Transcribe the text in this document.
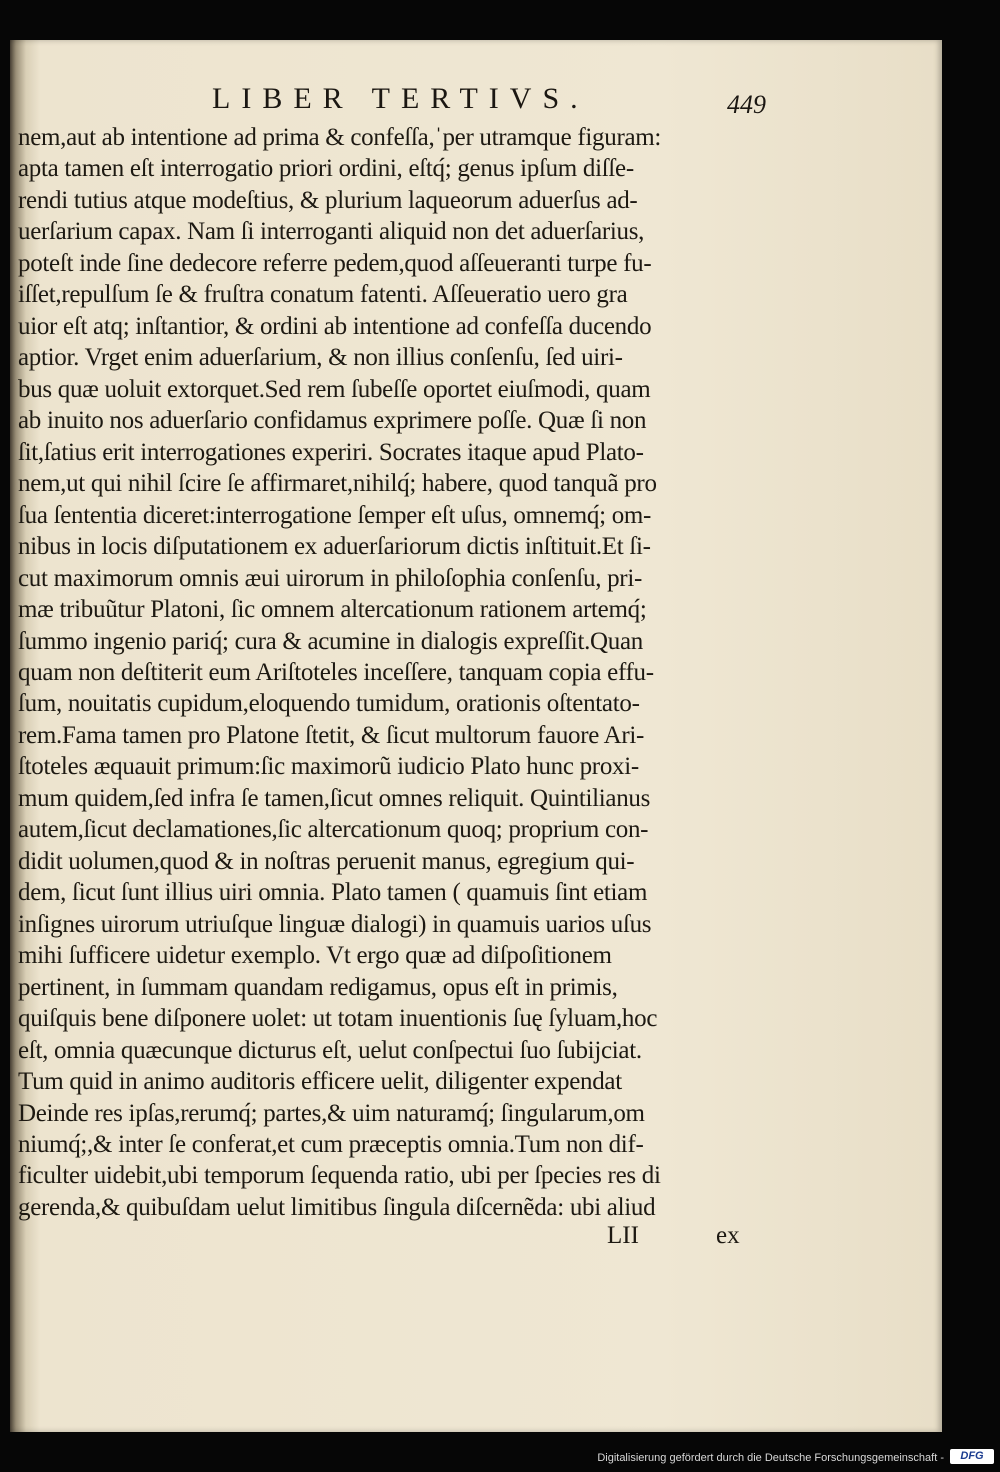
LIBER TERTIVS.	449
nem,aut ab intentione ad prima & confeſſa,ˈper utramque figuram:
apta tamen eſt interrogatio priori ordini, eſtq́; genus ipſum diſſe-
rendi tutius atque modeſtius, & plurium laqueorum aduerſus ad-
uerſarium capax. Nam ſi interroganti aliquid non det aduerſarius,
poteſt inde ſine dedecore referre pedem,quod aſſeueranti turpe fu-
iſſet,repulſum ſe & fruſtra conatum fatenti. Aſſeueratio uero gra
uior eſt atq; inſtantior, & ordini ab intentione ad confeſſa ducendo
aptior. Vrget enim aduerſarium, & non illius conſenſu, ſed uiri-
bus quæ uoluit extorquet.Sed rem ſubeſſe oportet eiuſmodi, quam
ab inuito nos aduerſario confidamus exprimere poſſe. Quæ ſi non
ſit,ſatius erit interrogationes experiri. Socrates itaque apud Plato-
nem,ut qui nihil ſcire ſe affirmaret,nihilq́; habere, quod tanquã pro
ſua ſententia diceret:interrogatione ſemper eſt uſus, omnemq́; om-
nibus in locis diſputationem ex aduerſariorum dictis inſtituit.Et ſi-
cut maximorum omnis æui uirorum in philoſophia conſenſu, pri-
mæ tribuũtur Platoni, ſic omnem altercationum rationem artemq́;
ſummo ingenio pariq́; cura & acumine in dialogis expreſſit.Quan
quam non deſtiterit eum Ariſtoteles inceſſere, tanquam copia effu-
ſum, nouitatis cupidum,eloquendo tumidum, orationis oſtentato-
rem.Fama tamen pro Platone ſtetit, & ſicut multorum fauore Ari-
ſtoteles æquauit primum:ſic maximorũ iudicio Plato hunc proxi-
mum quidem,ſed infra ſe tamen,ſicut omnes reliquit. Quintilianus
autem,ſicut declamationes,ſic altercationum quoq; proprium con-
didit uolumen,quod & in noſtras peruenit manus, egregium qui-
dem, ſicut ſunt illius uiri omnia. Plato tamen ( quamuis ſint etiam
inſignes uirorum utriuſque linguæ dialogi) in quamuis uarios uſus
mihi ſufficere uidetur exemplo. Vt ergo quæ ad diſpoſitionem
pertinent, in ſummam quandam redigamus, opus eſt in primis,
quiſquis bene diſponere uolet: ut totam inuentionis ſuę ſyluam,hoc
eſt, omnia quæcunque dicturus eſt, uelut conſpectui ſuo ſubijciat.
Tum quid in animo auditoris efficere uelit, diligenter expendat
Deinde res ipſas,rerumq́; partes,& uim naturamq́; ſingularum,om
niumq́;,& inter ſe conferat,et cum præceptis omnia.Tum non dif-
ficulter uidebit,ubi temporum ſequenda ratio, ubi per ſpecies res di
gerenda,& quibuſdam uelut limitibus ſingula diſcernẽda: ubi aliud
LII	ex
Digitalisierung gefördert durch die Deutsche Forschungsgemeinschaft -	DFG
